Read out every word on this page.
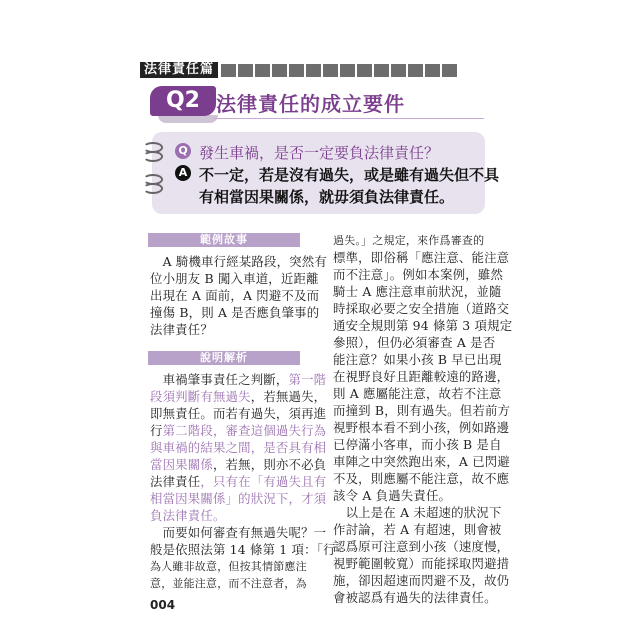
法律責任篇
Q2 法律責任的成立要件
Q 發生車禍，是否一定要負法律責任？
A 不一定，若是沒有過失，或是雖有過失但不具
有相當因果關係，就毋須負法律責任。
範例故事
　A 騎機車行經某路段，突然有
位小朋友 B 闖入車道，近距離
出現在 A 面前，A 閃避不及而
撞傷 B，則 A 是否應負肇事的
法律責任？
說明解析
　車禍肇事責任之判斷，第一階
段須判斷有無過失，若無過失，
即無責任。而若有過失，須再進
行第二階段，審查這個過失行為
與車禍的結果之間，是否具有相
當因果關係，若無，則亦不必負
法律責任，只有在「有過失且有
相當因果關係」的狀況下，才須
負法律責任。
　而要如何審查有無過失呢？一
般是依照法第 14 條第 1 項：「行
為人雖非故意，但按其情節應注
意，並能注意，而不注意者，為
過失。」之規定，來作爲審查的
標準，即俗稱「應注意、能注意
而不注意」。例如本案例，雖然
騎士 A 應注意車前狀況，並隨
時採取必要之安全措施（道路交
通安全規則第 94 條第 3 項規定
參照），但仍必須審查 A 是否
能注意？如果小孩 B 早已出現
在視野良好且距離較遠的路邊，
則 A 應屬能注意，故若不注意
而撞到 B，則有過失。但若前方
視野根本看不到小孩，例如路邊
已停滿小客車，而小孩 B 是自
車陣之中突然跑出來，A 已閃避
不及，則應屬不能注意，故不應
該令 A 負過失責任。
　以上是在 A 未超速的狀況下
作討論，若 A 有超速，則會被
認爲原可注意到小孩（速度慢，
視野範圍較寬）而能採取閃避措
施，卻因超速而閃避不及，故仍
會被認爲有過失的法律責任。
004
